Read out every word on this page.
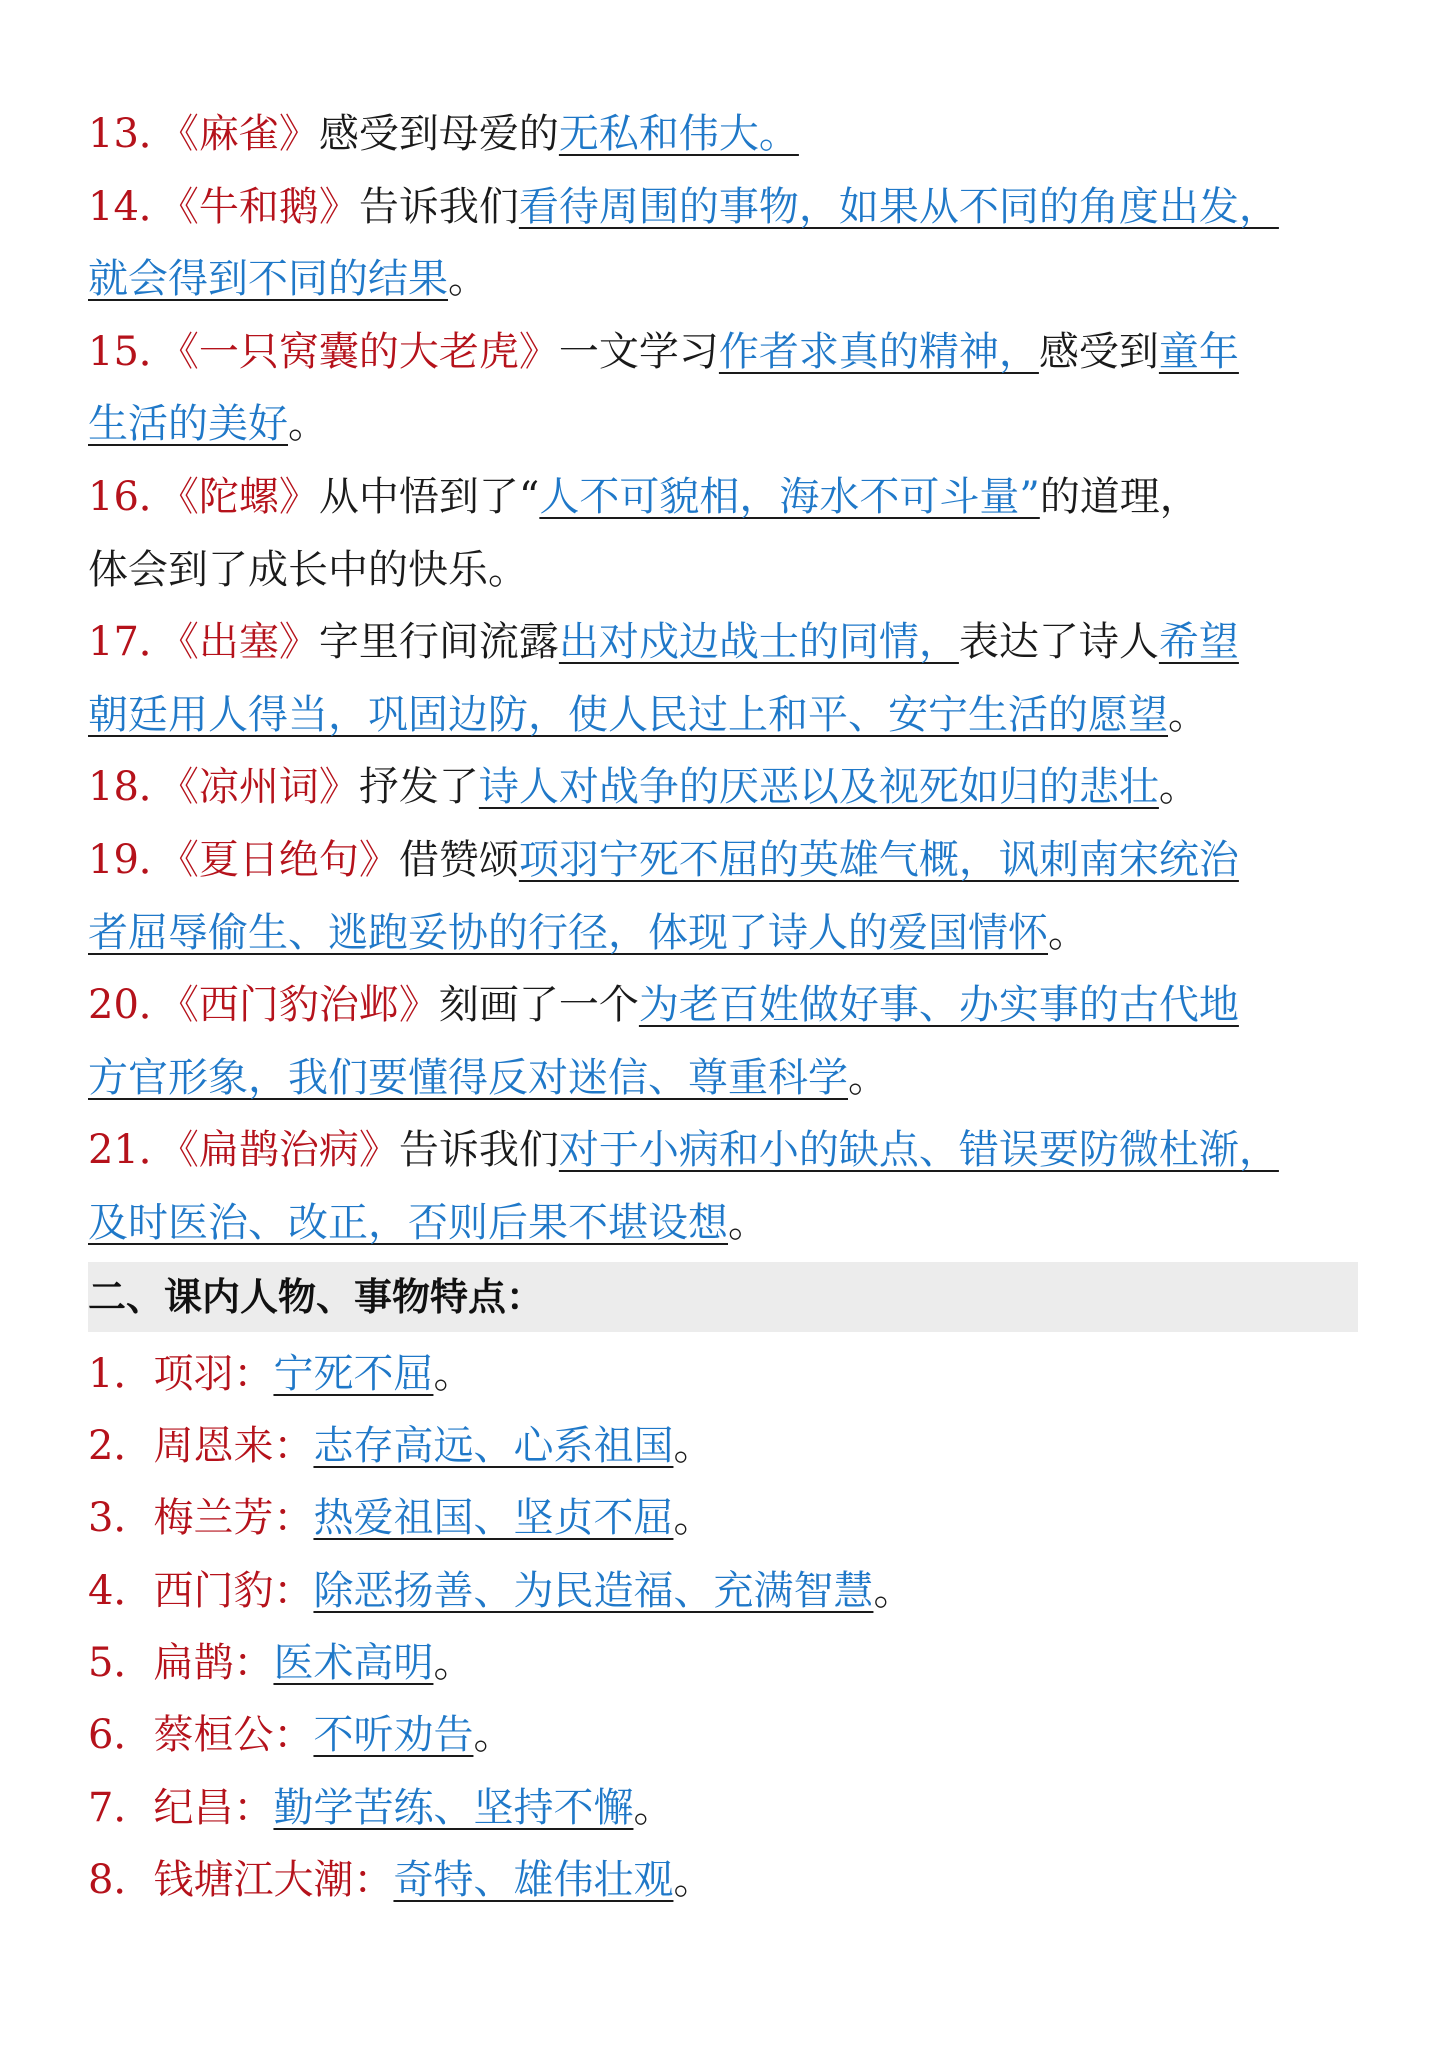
13．《麻雀》感受到母爱的无私和伟大。
14．《牛和鹅》告诉我们看待周围的事物，如果从不同的角度出发，
就会得到不同的结果。
15．《一只窝囊的大老虎》一文学习作者求真的精神，感受到童年
生活的美好。
16．《陀螺》从中悟到了“人不可貌相，海水不可斗量”的道理，
体会到了成长中的快乐。
17．《出塞》字里行间流露出对戍边战士的同情，表达了诗人希望
朝廷用人得当，巩固边防，使人民过上和平、安宁生活的愿望。
18．《凉州词》抒发了诗人对战争的厌恶以及视死如归的悲壮。
19．《夏日绝句》借赞颂项羽宁死不屈的英雄气概，讽刺南宋统治
者屈辱偷生、逃跑妥协的行径，体现了诗人的爱国情怀。
20．《西门豹治邺》刻画了一个为老百姓做好事、办实事的古代地
方官形象，我们要懂得反对迷信、尊重科学。
21．《扁鹊治病》告诉我们对于小病和小的缺点、错误要防微杜渐，
及时医治、改正，否则后果不堪设想。
二、课内人物、事物特点：
1．项羽：宁死不屈。
2．周恩来：志存高远、心系祖国。
3．梅兰芳：热爱祖国、坚贞不屈。
4．西门豹：除恶扬善、为民造福、充满智慧。
5．扁鹊：医术高明。
6．蔡桓公：不听劝告。
7．纪昌：勤学苦练、坚持不懈。
8．钱塘江大潮：奇特、雄伟壮观。
